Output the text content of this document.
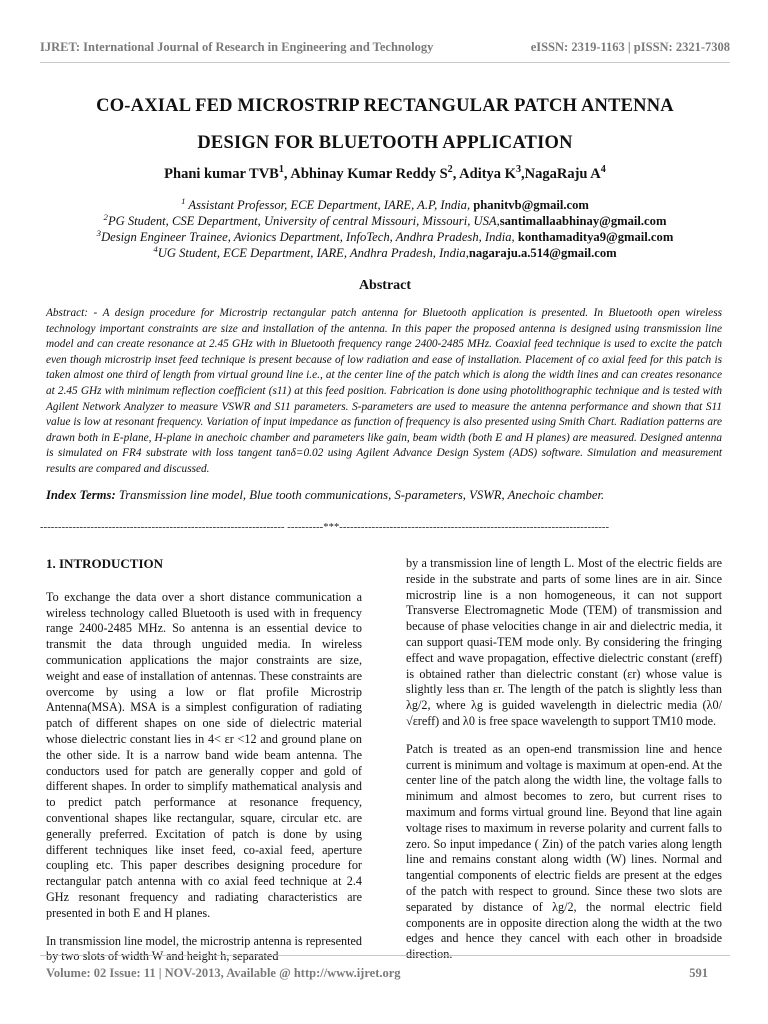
IJRET: International Journal of Research in Engineering and Technology	eISSN: 2319-1163 | pISSN: 2321-7308
CO-AXIAL FED MICROSTRIP RECTANGULAR PATCH ANTENNA
DESIGN FOR BLUETOOTH APPLICATION
Phani kumar TVB$^1$, Abhinay Kumar Reddy $S^2$, Aditya $K^3,NagaRaju$ $A^4$
$^1$ Assistant Professor, ECE Department, IARE, A.P, India, phanitvb@gmail.com
$^2$PG Student, CSE Department, University of central Missouri, Missouri, USA,santimallaabhinay@gmail.com
$^3$Design Engineer Trainee, Avionics Department, InfoTech, Andhra Pradesh, India, konthamaditya9@gmail.com
$^4$UG Student, ECE Department, IARE, Andhra Pradesh, India,nagaraju.a.514@gmail.com
Abstract
Abstract: - A design procedure for Microstrip rectangular patch antenna for Bluetooth application is presented. In Bluetooth open wireless technology important constraints are size and installation of the antenna. In this paper the proposed antenna is designed using transmission line model and can create resonance at 2.45 GHz with in Bluetooth frequency range 2400-2485 MHz. Coaxial feed technique is used to excite the patch even though microstrip inset feed technique is present because of low radiation and ease of installation. Placement of co axial feed for this patch is taken almost one third of length from virtual ground line i.e., at the center line of the patch which is along the width lines and can creates resonance at 2.45 GHz with minimum reflection coefficient (s11) at this feed position. Fabrication is done using photolithographic technique and is tested with Agilent Network Analyzer to measure VSWR and S11 parameters. S-parameters are used to measure the antenna performance and shown that S11 value is low at resonant frequency. Variation of input impedance as function of frequency is also presented using Smith Chart. Radiation patterns are drawn both in E-plane, H-plane in anechoic chamber and parameters like gain, beam width (both E and H planes) are measured. Designed antenna is simulated on FR4 substrate with loss tangent tanδ=0.02 using Agilent Advance Design System (ADS) software. Simulation and measurement results are compared and discussed.
Index Terms: Transmission line model, Blue tooth communications, S-parameters, VSWR, Anechoic chamber.
-------------------------------------------------------------------- ----------***---------------------------------------------------------------------------
1. INTRODUCTION

To exchange the data over a short distance communication a wireless technology called Bluetooth is used with in frequency range 2400-2485 MHz. So antenna is an essential device to transmit the data through unguided media. In wireless communication applications the major constraints are size, weight and ease of installation of antennas. These constraints are overcome by using a low or flat profile Microstrip Antenna(MSA). MSA is a simplest configuration of radiating patch of different shapes on one side of dielectric material whose dielectric constant lies in 4< εr <12 and ground plane on the other side. It is a narrow band wide beam antenna. The conductors used for patch are generally copper and gold of different shapes. In order to simplify mathematical analysis and to predict patch performance at resonance frequency, conventional shapes like rectangular, square, circular etc. are generally preferred. Excitation of patch is done by using different techniques like inset feed, co-axial feed, aperture coupling etc. This paper describes designing procedure for rectangular patch antenna with co axial feed technique at 2.4 GHz resonant frequency and radiating characteristics are presented in both E and H planes.

In transmission line model, the microstrip antenna is represented by two slots of width W and height h, separated

by a transmission line of length L. Most of the electric fields are reside in the substrate and parts of some lines are in air. Since microstrip line is a non homogeneous, it can not support Transverse Electromagnetic Mode (TEM) of transmission and because of phase velocities change in air and dielectric media, it can support quasi-TEM mode only. By considering the fringing effect and wave propagation, effective dielectric constant (εreff) is obtained rather than dielectric constant (εr) whose value is slightly less than εr. The length of the patch is slightly less than λg/2, where λg is guided wavelength in dielectric media (λ0/√εreff) and λ0 is free space wavelength to support TM10 mode.

Patch is treated as an open-end transmission line and hence current is minimum and voltage is maximum at open-end. At the center line of the patch along the width line, the voltage falls to minimum and almost becomes to zero, but current rises to maximum and forms virtual ground line. Beyond that line again voltage rises to maximum in reverse polarity and current falls to zero. So input impedance ( Zin) of the patch varies along length line and remains constant along width (W) lines. Normal and tangential components of electric fields are present at the edges of the patch with respect to ground. Since these two slots are separated by distance of λg/2, the normal electric field components are in opposite direction along the width at the two edges and hence they cancel with each other in broadside direction.

Volume: 02 Issue: 11 | NOV-2013, Available @ http://www.ijret.org	591
